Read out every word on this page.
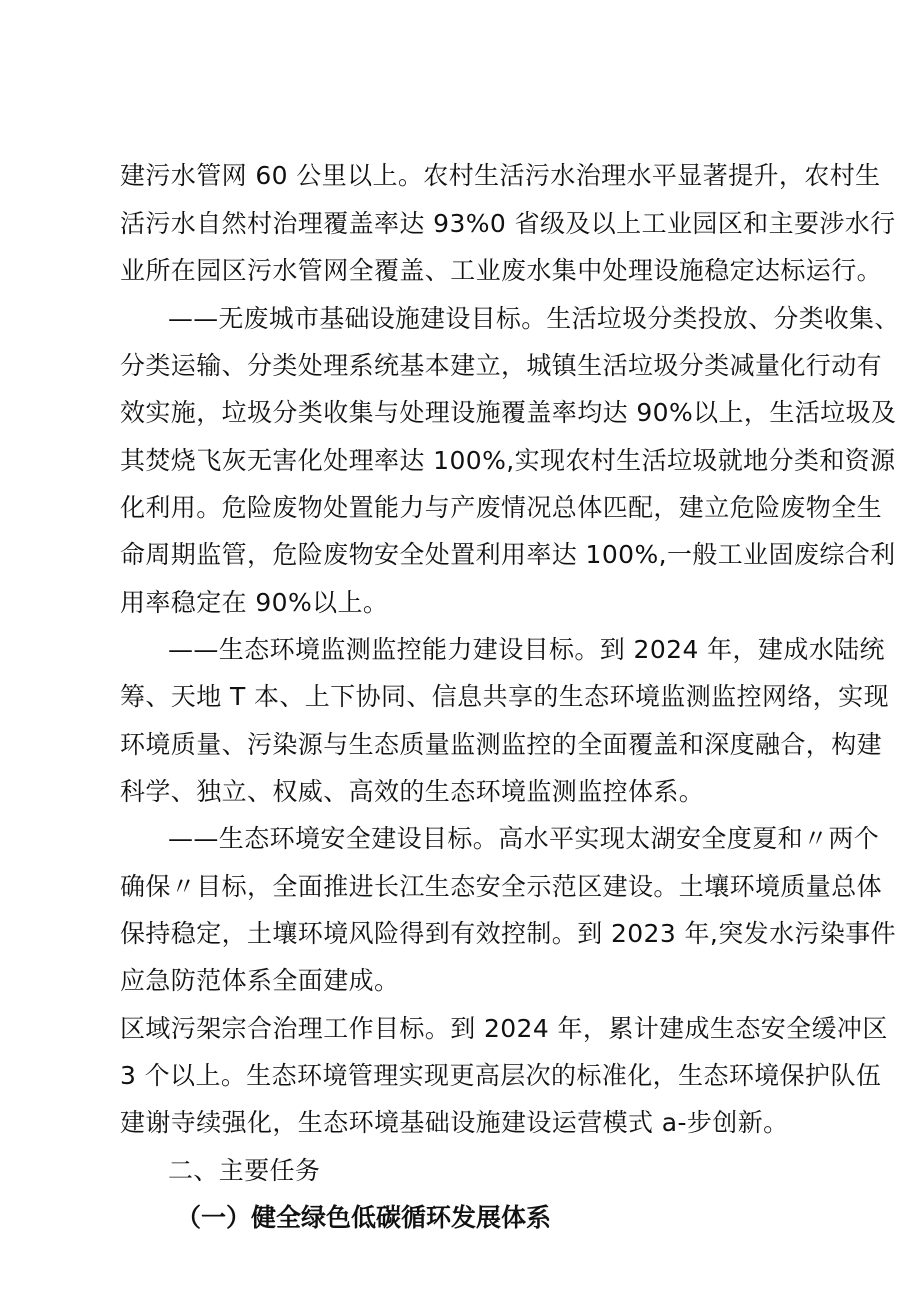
建污水管网 60 公里以上。农村生活污水治理水平显著提升，农村生
活污水自然村治理覆盖率达 93%0 省级及以上工业园区和主要涉水行
业所在园区污水管网全覆盖、工业废水集中处理设施稳定达标运行。
——无废城市基础设施建设目标。生活垃圾分类投放、分类收集、
分类运输、分类处理系统基本建立，城镇生活垃圾分类减量化行动有
效实施，垃圾分类收集与处理设施覆盖率均达 90%以上，生活垃圾及
其焚烧飞灰无害化处理率达 100%,实现农村生活垃圾就地分类和资源
化利用。危险废物处置能力与产废情况总体匹配，建立危险废物全生
命周期监管，危险废物安全处置利用率达 100%,一般工业固废综合利
用率稳定在 90%以上。
——生态环境监测监控能力建设目标。到 2024 年，建成水陆统
筹、天地 T 本、上下协同、信息共享的生态环境监测监控网络，实现
环境质量、污染源与生态质量监测监控的全面覆盖和深度融合，构建
科学、独立、权威、高效的生态环境监测监控体系。
——生态环境安全建设目标。高水平实现太湖安全度夏和〃两个
确保〃目标，全面推进长江生态安全示范区建设。土壤环境质量总体
保持稳定，土壤环境风险得到有效控制。到 2023 年,突发水污染事件
应急防范体系全面建成。
区域污架宗合治理工作目标。到 2024 年，累计建成生态安全缓冲区
3 个以上。生态环境管理实现更高层次的标准化，生态环境保护队伍
建谢寺续强化，生态环境基础设施建设运营模式 a-步创新。
二、主要任务
（一）健全绿色低碳循环发展体系
